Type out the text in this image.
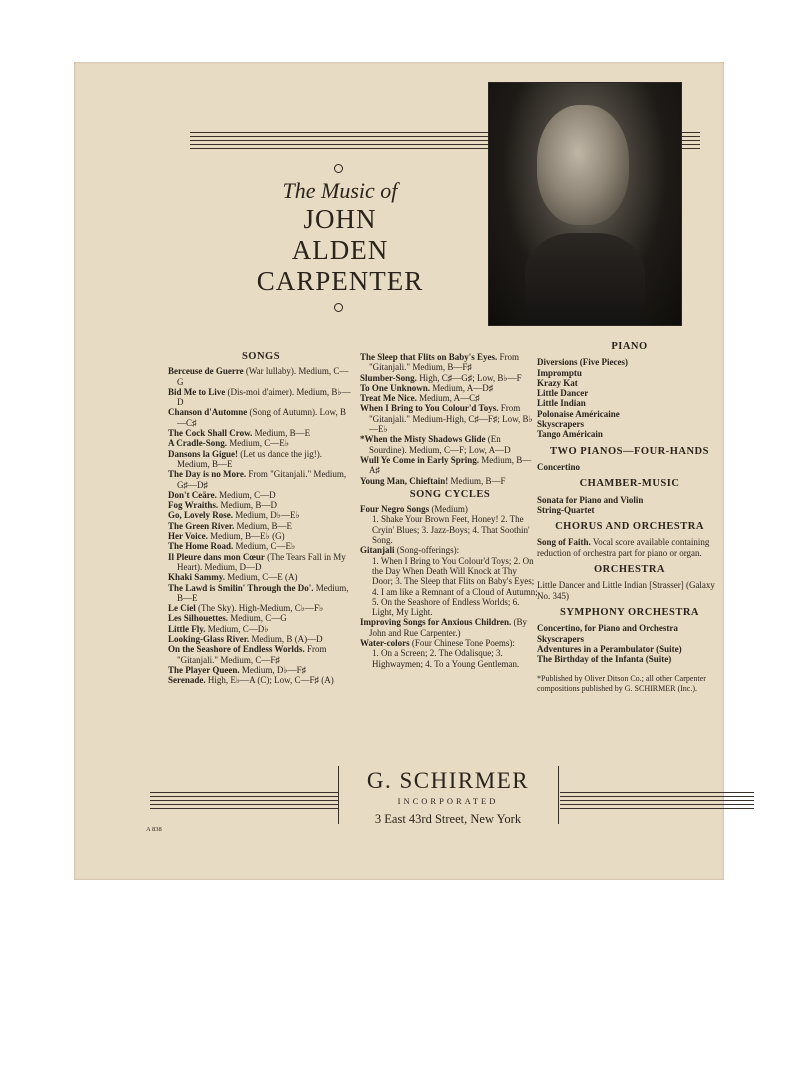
The Music of
JOHN
ALDEN
CARPENTER
SONGS

Berceuse de Guerre (War lullaby). Medium, C—G

Bid Me to Live (Dis-moi d'aimer). Medium, B♭—D

Chanson d'Automne (Song of Autumn). Low, B—C♯

The Cock Shall Crow. Medium, B—E

A Cradle-Song. Medium, C—E♭

Dansons la Gigue! (Let us dance the jig!). Medium, B—E

The Day is no More. From "Gitanjali." Medium, G♯—D♯

Don't Ceäre. Medium, C—D

Fog Wraiths. Medium, B—D

Go, Lovely Rose. Medium, D♭—E♭

The Green River. Medium, B—E

Her Voice. Medium, B—E♭ (G)

The Home Road. Medium, C—E♭

Il Pleure dans mon Cœur (The Tears Fall in My Heart). Medium, D—D

Khaki Sammy. Medium, C—E (A)

The Lawd is Smilin' Through the Do'. Medium, B—E

Le Ciel (The Sky). High-Medium, C♭—F♭

Les Silhouettes. Medium, C—G

Little Fly. Medium, C—D♭

Looking-Glass River. Medium, B (A)—D

On the Seashore of Endless Worlds. From "Gitanjali." Medium, C—F♯

The Player Queen. Medium, D♭—F♯

Serenade. High, E♭—A (C); Low, C—F♯ (A)

The Sleep that Flits on Baby's Eyes. From "Gitanjali." Medium, B—F♯

Slumber-Song. High, C♯—G♯; Low, B♭—F

To One Unknown. Medium, A—D♯

Treat Me Nice. Medium, A—C♯

When I Bring to You Colour'd Toys. From "Gitanjali." Medium-High, C♯—F♯; Low, B♭—E♭

*When the Misty Shadows Glide (En Sourdine). Medium, C—F; Low, A—D

Wull Ye Come in Early Spring. Medium, B—A♯

Young Man, Chieftain! Medium, B—F

SONG CYCLES

Four Negro Songs (Medium)

1. Shake Your Brown Feet, Honey! 2. The Cryin' Blues; 3. Jazz-Boys; 4. That Soothin' Song.

Gitanjali (Song-offerings):

1. When I Bring to You Colour'd Toys; 2. On the Day When Death Will Knock at Thy Door; 3. The Sleep that Flits on Baby's Eyes; 4. I am like a Remnant of a Cloud of Autumn; 5. On the Seashore of Endless Worlds; 6. Light, My Light.

Improving Songs for Anxious Children. (By John and Rue Carpenter.)

Water-colors (Four Chinese Tone Poems):

1. On a Screen; 2. The Odalisque; 3. Highwaymen; 4. To a Young Gentleman.

PIANO

Diversions (Five Pieces)

Impromptu

Krazy Kat

Little Dancer

Little Indian

Polonaise Américaine

Skyscrapers

Tango Américain

TWO PIANOS—FOUR-HANDS

Concertino

CHAMBER-MUSIC

Sonata for Piano and Violin

String-Quartet

CHORUS AND ORCHESTRA

Song of Faith. Vocal score available containing reduction of orchestra part for piano or organ.

ORCHESTRA

Little Dancer and Little Indian [Strasser] (Galaxy No. 345)

SYMPHONY ORCHESTRA

Concertino, for Piano and Orchestra

Skyscrapers

Adventures in a Perambulator (Suite)

The Birthday of the Infanta (Suite)

*Published by Oliver Ditson Co.; all other Carpenter compositions published by G. SCHIRMER (Inc.).
G. SCHIRMER
INCORPORATED
3 East 43rd Street, New York
A 838
